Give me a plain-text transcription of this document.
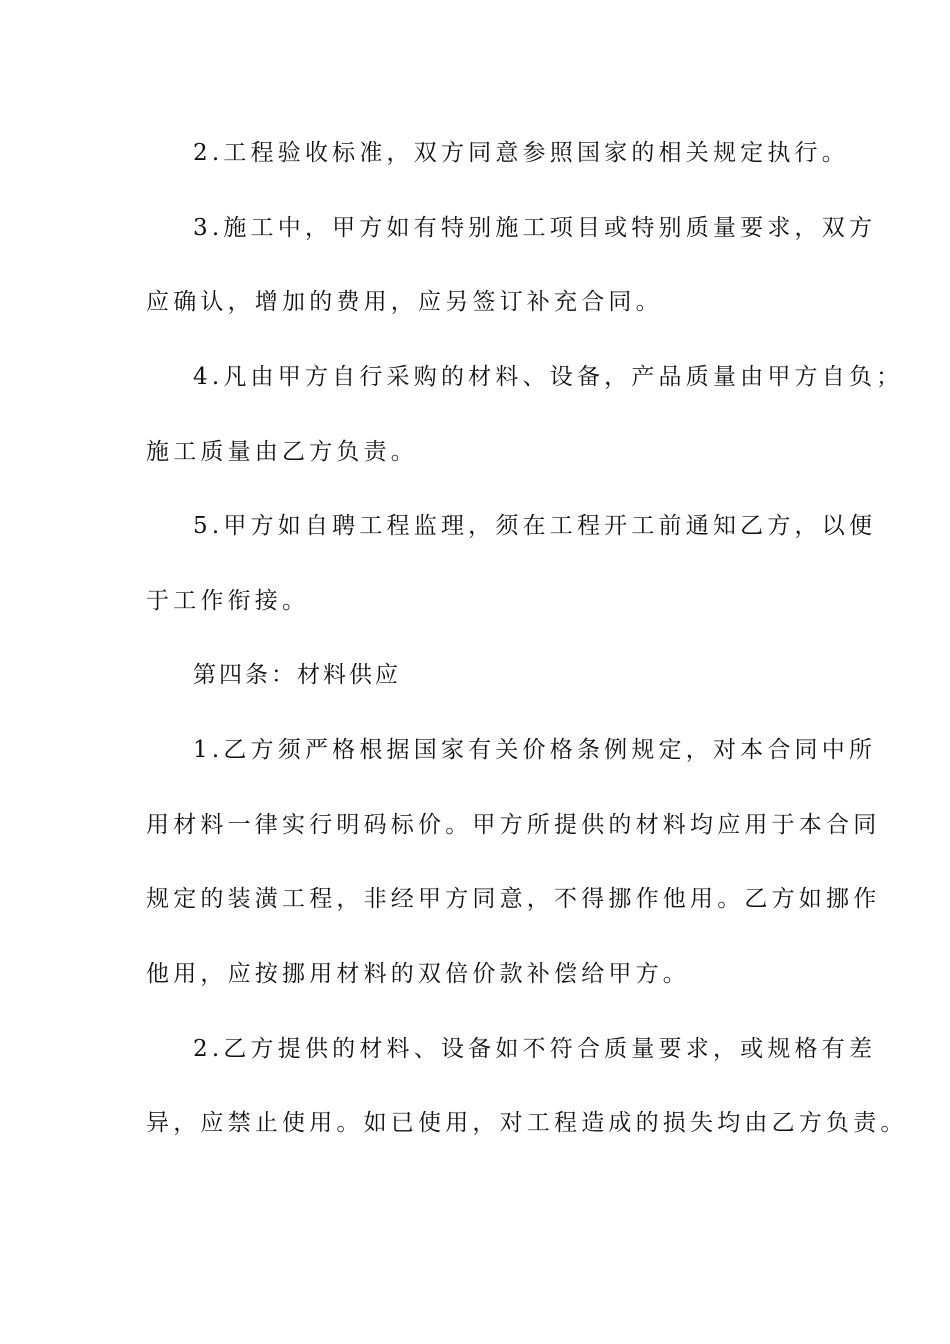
2.工程验收标准，双方同意参照国家的相关规定执行。
3.施工中，甲方如有特别施工项目或特别质量要求，双方
应确认，增加的费用，应另签订补充合同。
4.凡由甲方自行采购的材料、设备，产品质量由甲方自负；
施工质量由乙方负责。
5.甲方如自聘工程监理，须在工程开工前通知乙方，以便
于工作衔接。
第四条：材料供应
1.乙方须严格根据国家有关价格条例规定，对本合同中所
用材料一律实行明码标价。甲方所提供的材料均应用于本合同
规定的装潢工程，非经甲方同意，不得挪作他用。乙方如挪作
他用，应按挪用材料的双倍价款补偿给甲方。
2.乙方提供的材料、设备如不符合质量要求，或规格有差
异，应禁止使用。如已使用，对工程造成的损失均由乙方负责。
